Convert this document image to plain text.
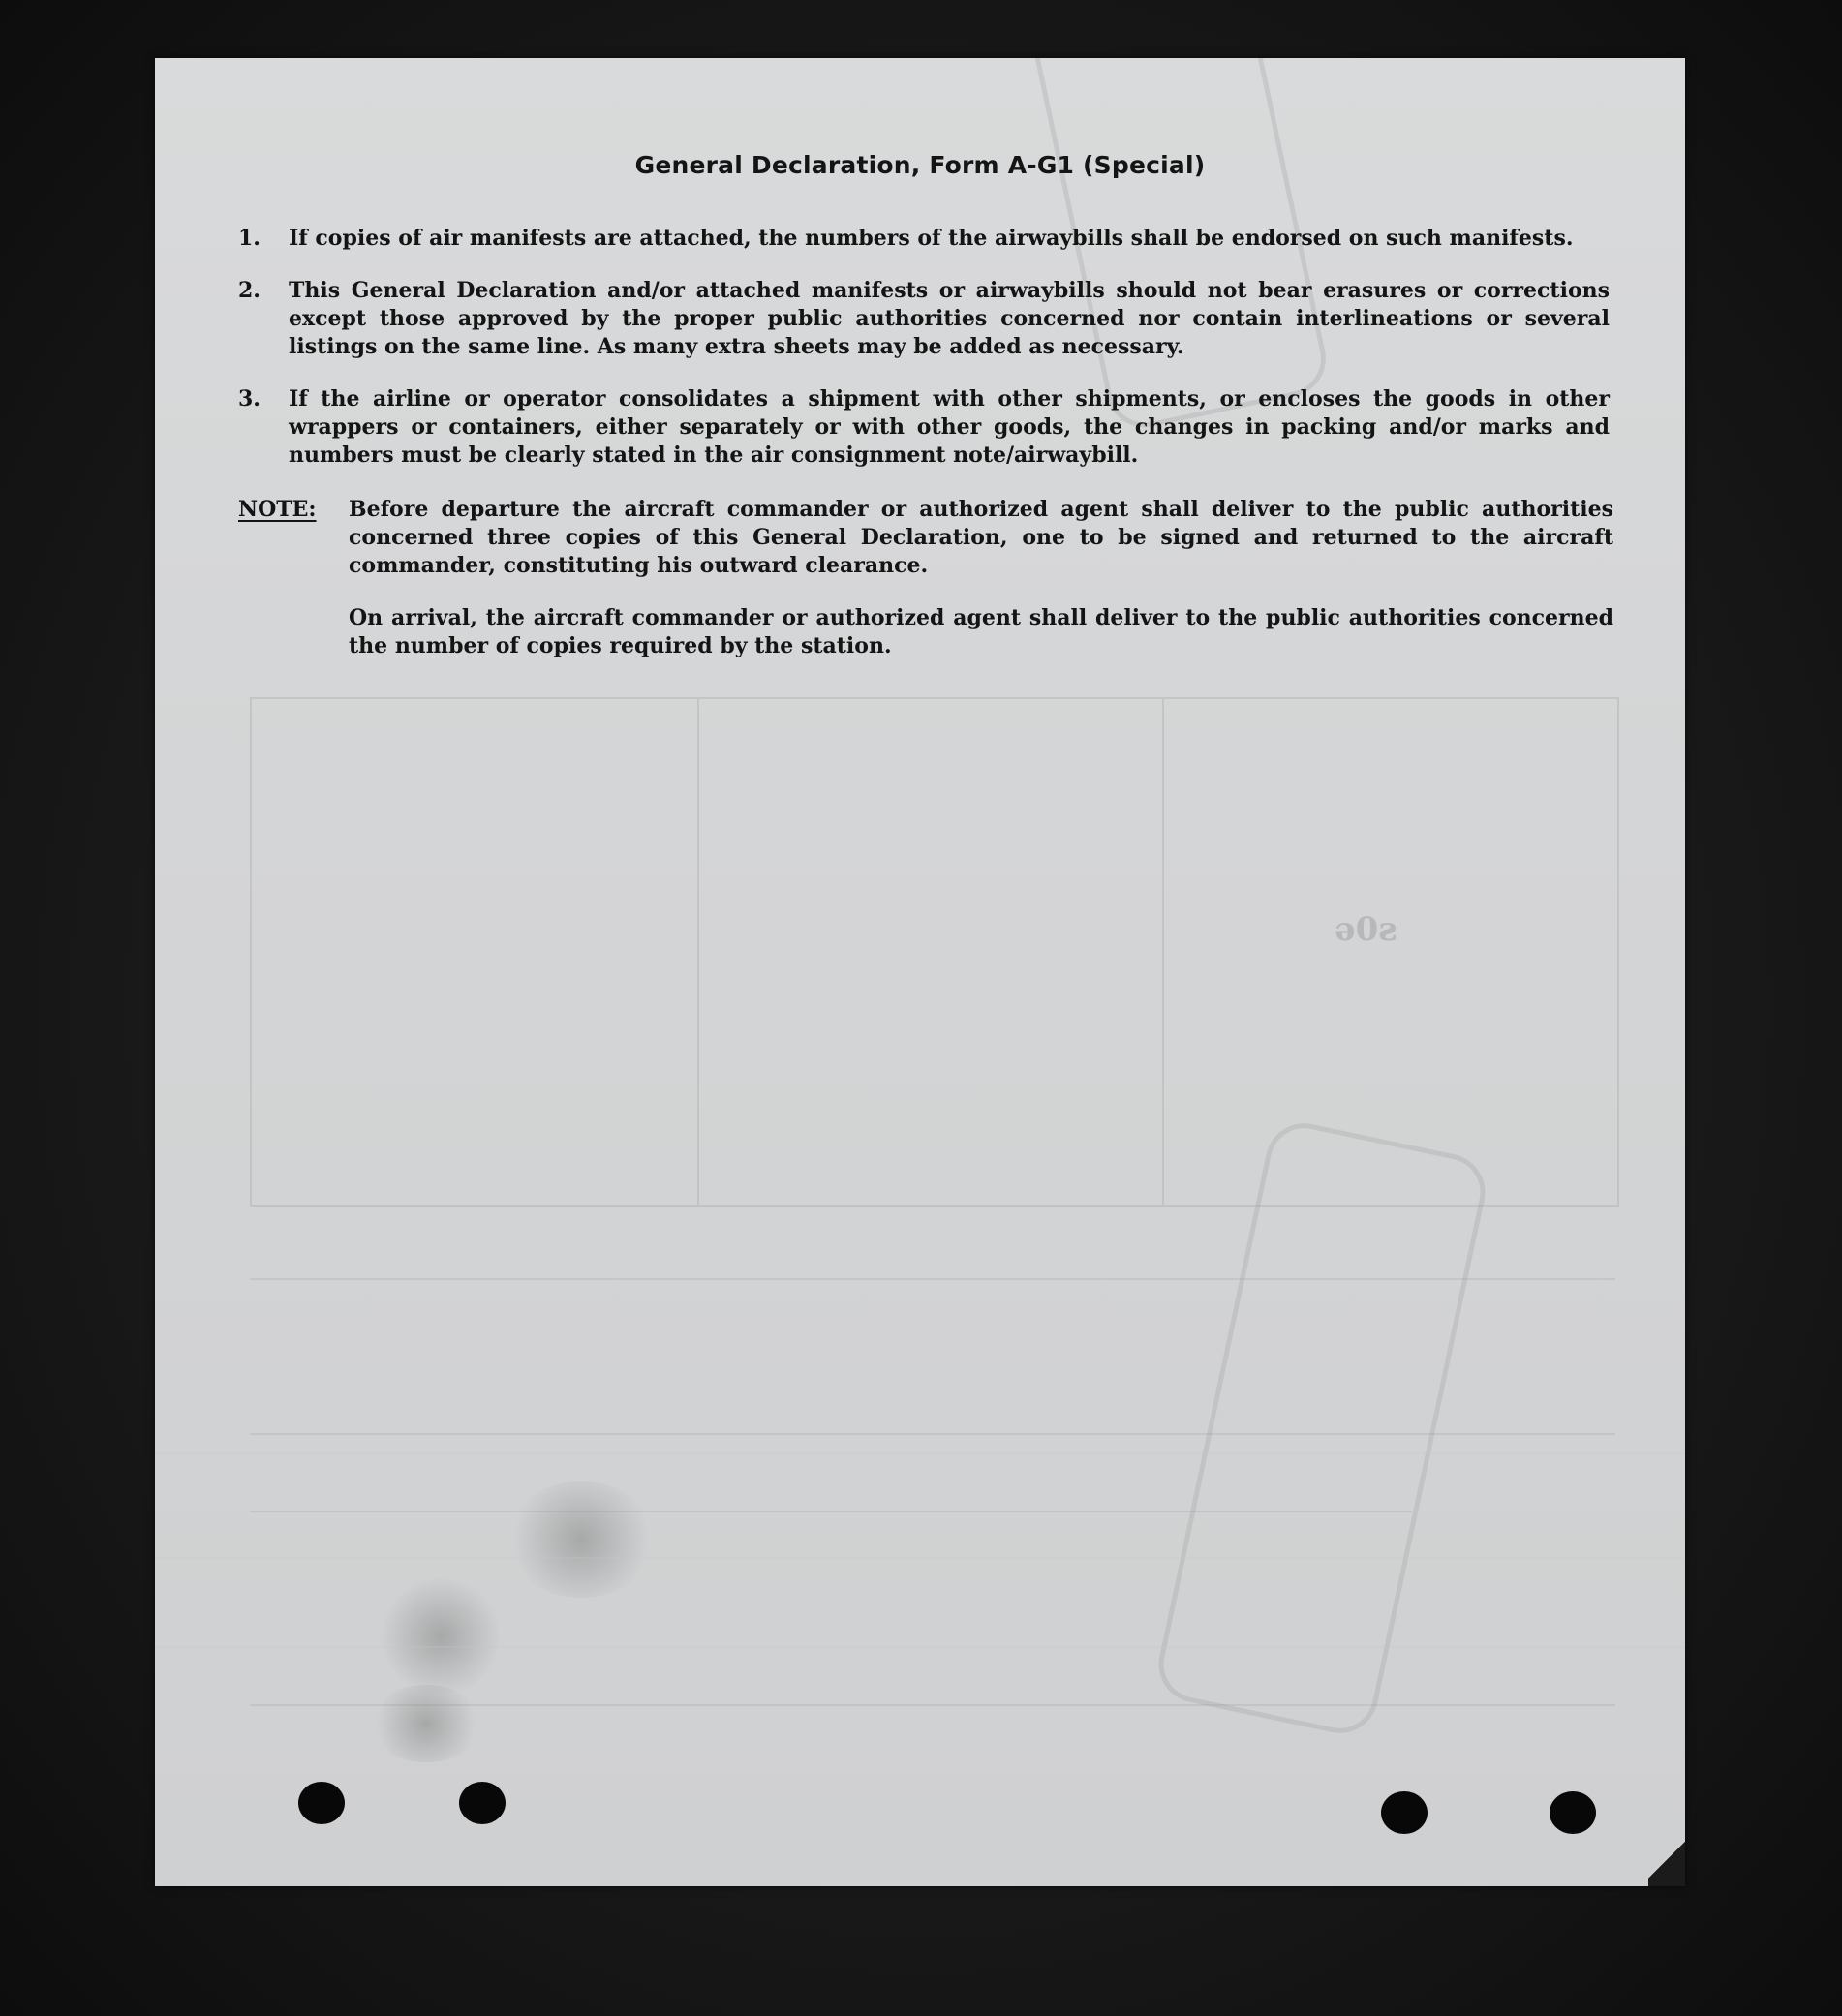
ǝ0ƨ
General Declaration, Form A-G1 (Special)
1.	If copies of air manifests are attached, the numbers of the airwaybills shall be endorsed on such manifests.
2.	This General Declaration and/or attached manifests or airwaybills should not bear erasures or corrections except those approved by the proper public authorities concerned nor contain interlineations or several listings on the same line. As many extra sheets may be added as necessary.
3.	If the airline or operator consolidates a shipment with other shipments, or encloses the goods in other wrappers or containers, either separately or with other goods, the changes in packing and/or marks and numbers must be clearly stated in the air consignment note/airwaybill.
NOTE: Before departure the aircraft commander or authorized agent shall deliver to the public authorities concerned three copies of this General Declaration, one to be signed and returned to the aircraft commander, constituting his outward clearance.
On arrival, the aircraft commander or authorized agent shall deliver to the public authorities concerned the number of copies required by the station.
